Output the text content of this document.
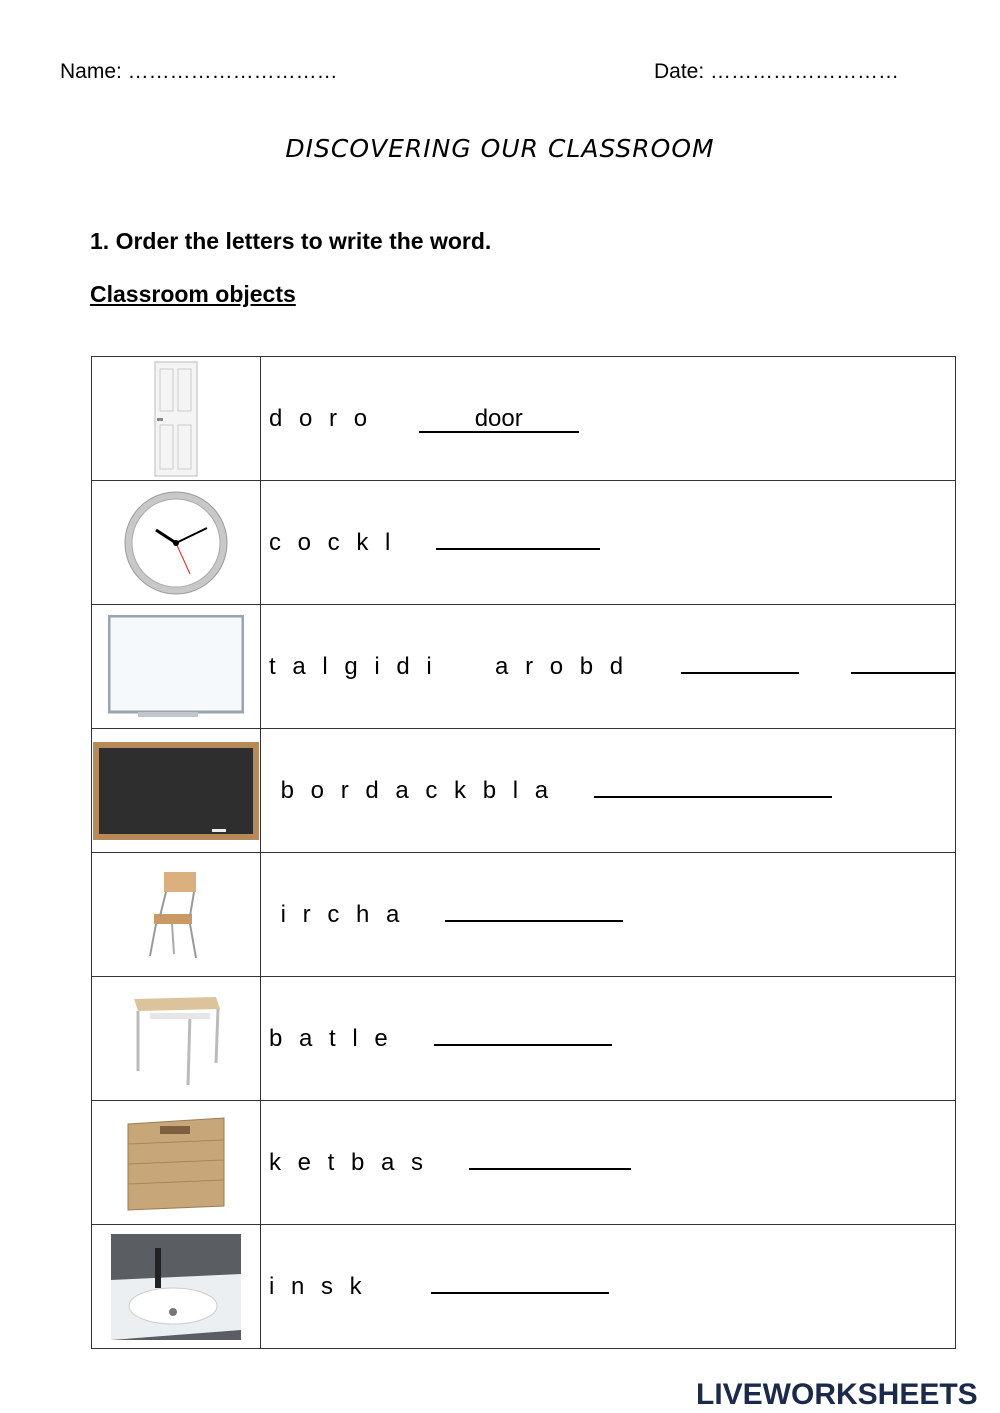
Name: …………………………	Date: ………………………
DISCOVERING OUR CLASSROOM
1. Order the letters to write the word.
Classroom objects
	d o r o door

	c o c k l

	t a l g i d i     a r o b d

	b o r d a c k b l a

	i r c h a

	b a t l e

	k e t b a s

	i n s k
LIVEWORKSHEETS
